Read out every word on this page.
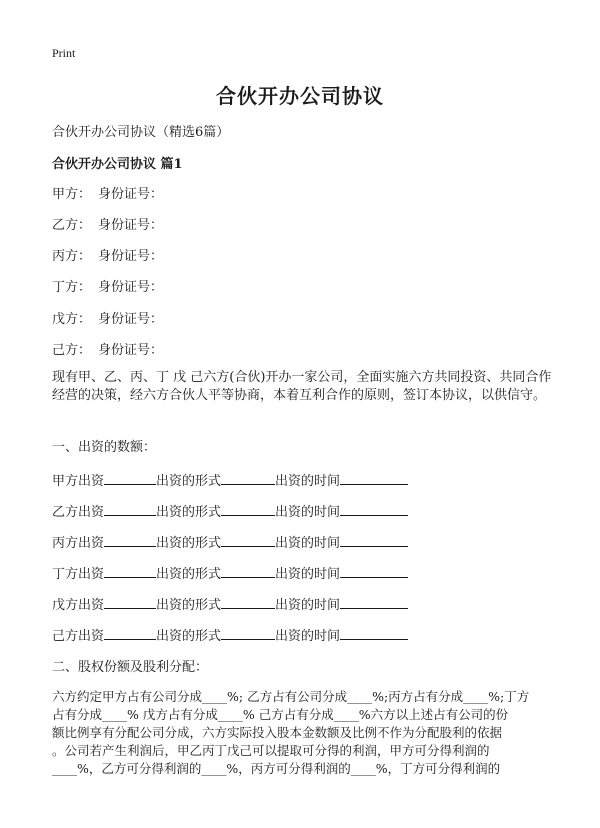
Print
合伙开办公司协议
合伙开办公司协议（精选6篇）
合伙开办公司协议 篇1
甲方： 身份证号：
乙方： 身份证号：
丙方： 身份证号：
丁方： 身份证号：
戊方： 身份证号：
己方： 身份证号：
现有甲、乙、丙、丁 戊 己六方(合伙)开办一家公司，全面实施六方共同投资、共同合作经营的决策，经六方合伙人平等协商，本着互利合作的原则，签订本协议，以供信守。
一、出资的数额：
甲方出资	出资的形式	出资的时间
乙方出资	出资的形式	出资的时间
丙方出资	出资的形式	出资的时间
丁方出资	出资的形式	出资的时间
戊方出资	出资的形式	出资的时间
己方出资	出资的形式	出资的时间
二、股权份额及股利分配：
六方约定甲方占有公司分成____%; 乙方占有公司分成____%;丙方占有分成____%;丁方
占有分成____% 戊方占有分成____% 己方占有分成____%六方以上述占有公司的份
额比例享有分配公司分成，六方实际投入股本金数额及比例不作为分配股利的依据
。公司若产生利润后，甲乙丙丁戊己可以提取可分得的利润，甲方可分得利润的
____%，乙方可分得利润的____%，丙方可分得利润的____%，丁方可分得利润的
